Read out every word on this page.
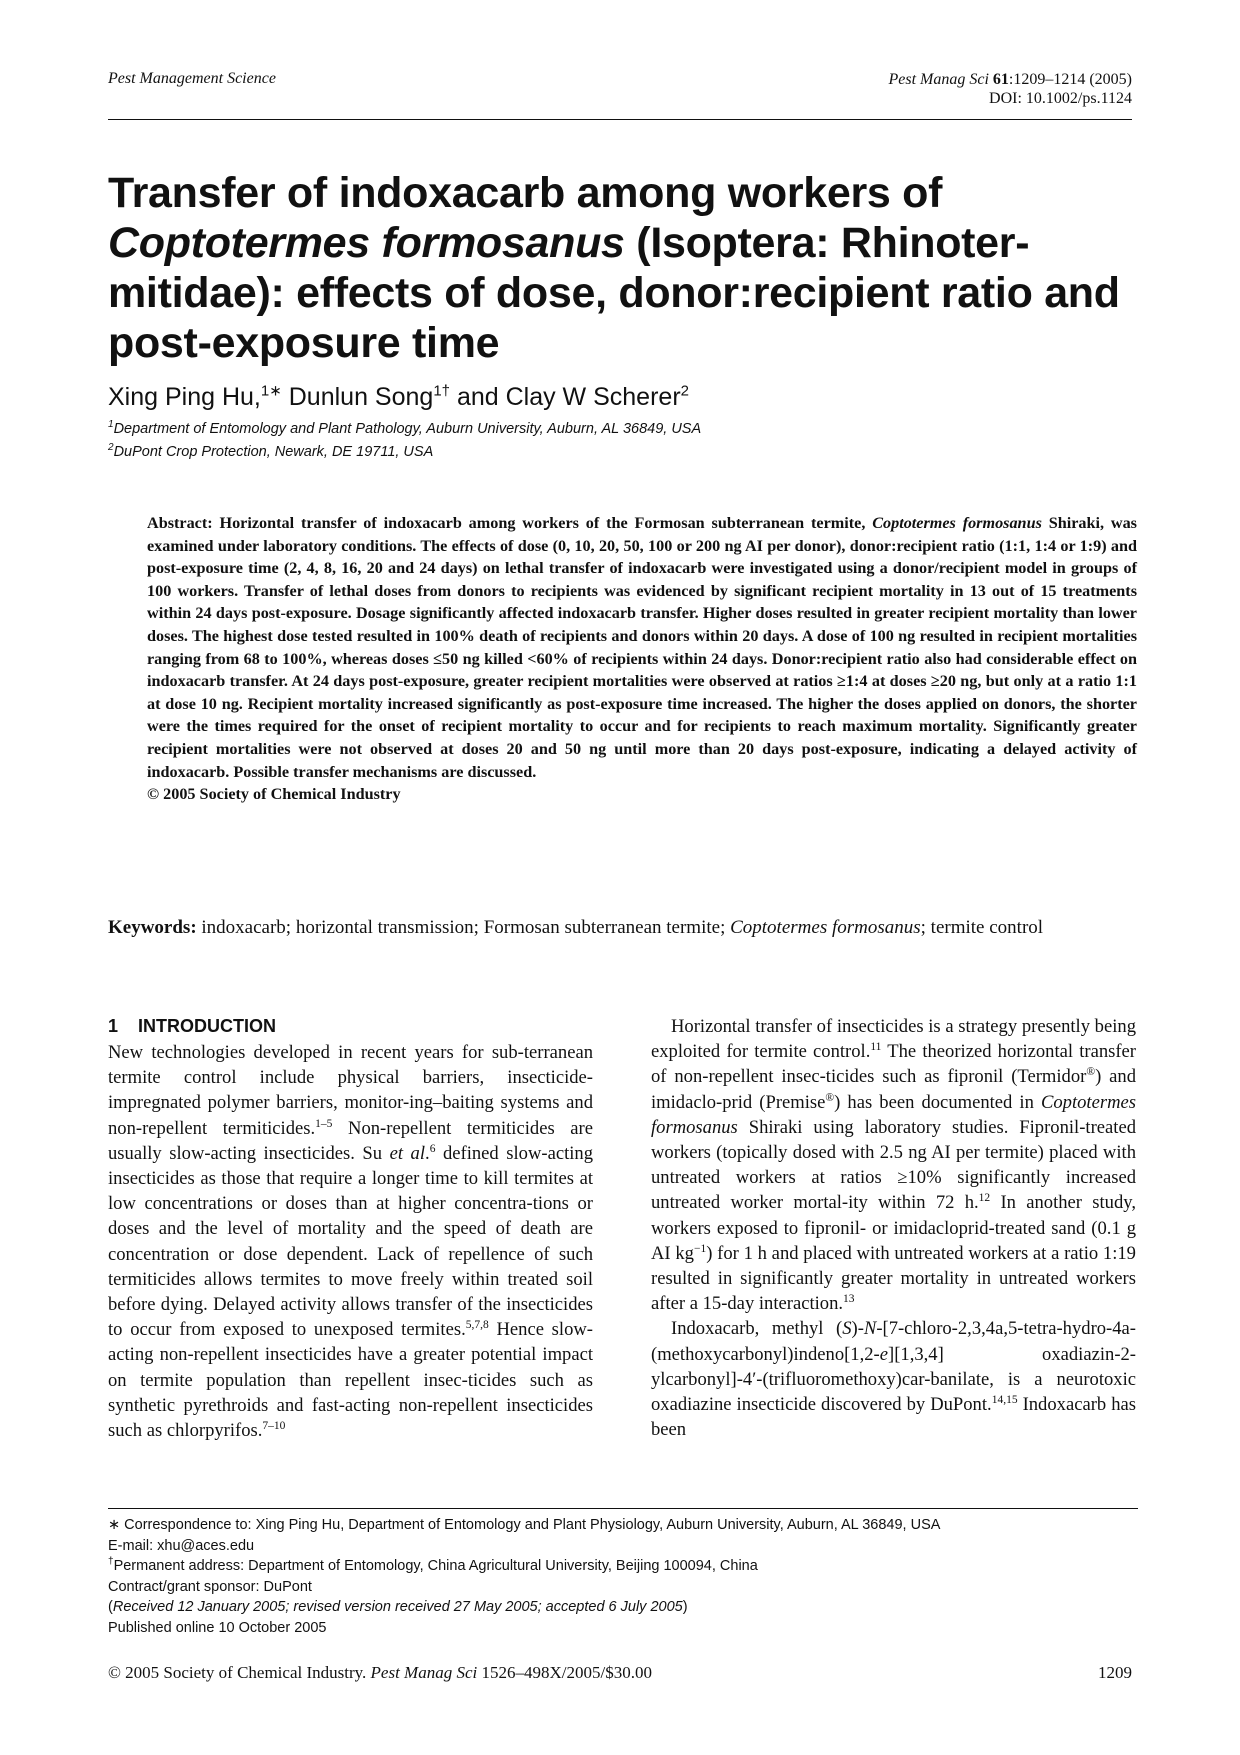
Pest Management Science	Pest Manag Sci 61:1209–1214 (2005)
DOI: 10.1002/ps.1124
Transfer of indoxacarb among workers of Coptotermes formosanus (Isoptera: Rhinoter-mitidae): effects of dose, donor:recipient ratio and post-exposure time
Xing Ping Hu,$^{1∗}$ Dunlun Song$^{1\dagger}$ and Clay W Scherer$^2$
$^1$Department of Entomology and Plant Pathology, Auburn University, Auburn, AL 36849, USA
$^2$DuPont Crop Protection, Newark, DE 19711, USA
Abstract: Horizontal transfer of indoxacarb among workers of the Formosan subterranean termite, Coptotermes formosanus Shiraki, was examined under laboratory conditions. The effects of dose (0, 10, 20, 50, 100 or 200 ng AI per donor), donor:recipient ratio (1:1, 1:4 or 1:9) and post-exposure time (2, 4, 8, 16, 20 and 24 days) on lethal transfer of indoxacarb were investigated using a donor/recipient model in groups of 100 workers. Transfer of lethal doses from donors to recipients was evidenced by significant recipient mortality in 13 out of 15 treatments within 24 days post-exposure. Dosage significantly affected indoxacarb transfer. Higher doses resulted in greater recipient mortality than lower doses. The highest dose tested resulted in 100% death of recipients and donors within 20 days. A dose of 100 ng resulted in recipient mortalities ranging from 68 to 100%, whereas doses ≤50 ng killed <60% of recipients within 24 days. Donor:recipient ratio also had considerable effect on indoxacarb transfer. At 24 days post-exposure, greater recipient mortalities were observed at ratios ≥1:4 at doses ≥20 ng, but only at a ratio 1:1 at dose 10 ng. Recipient mortality increased significantly as post-exposure time increased. The higher the doses applied on donors, the shorter were the times required for the onset of recipient mortality to occur and for recipients to reach maximum mortality. Significantly greater recipient mortalities were not observed at doses 20 and 50 ng until more than 20 days post-exposure, indicating a delayed activity of indoxacarb. Possible transfer mechanisms are discussed.
© 2005 Society of Chemical Industry
Keywords: indoxacarb; horizontal transmission; Formosan subterranean termite; Coptotermes formosanus; termite control
1 INTRODUCTION

New technologies developed in recent years for sub-terranean termite control include physical barriers, insecticide-impregnated polymer barriers, monitor-ing–baiting systems and non-repellent termiticides.$^{1-5}$ Non-repellent termiticides are usually slow-acting insecticides. Su et al.$^6$ defined slow-acting insecticides as those that require a longer time to kill termites at low concentrations or doses than at higher concentra-tions or doses and the level of mortality and the speed of death are concentration or dose dependent. Lack of repellence of such termiticides allows termites to move freely within treated soil before dying. Delayed activity allows transfer of the insecticides to occur from exposed to unexposed termites.$^{5,7,8}$ Hence slow-acting non-repellent insecticides have a greater potential impact on termite population than repellent insec-ticides such as synthetic pyrethroids and fast-acting non-repellent insecticides such as chlorpyrifos.$^{7-10}$

Horizontal transfer of insecticides is a strategy presently being exploited for termite control.$^{11}$ The theorized horizontal transfer of non-repellent insec-ticides such as fipronil (Termidor®) and imidaclo-prid (Premise®) has been documented in Coptotermes formosanus Shiraki using laboratory studies. Fipronil-treated workers (topically dosed with 2.5 ng AI per termite) placed with untreated workers at ratios ≥10% significantly increased untreated worker mortal-ity within 72 h.$^{12}$ In another study, workers exposed to fipronil- or imidacloprid-treated sand (0.1 g AI $kg^{-1}$) for 1 h and placed with untreated workers at a ratio 1:19 resulted in significantly greater mortality in untreated workers after a 15-day interaction.$^{13}$

Indoxacarb, methyl (S)-N-[7-chloro-2,3,4a,5-tetra-hydro-4a-(methoxycarbonyl)indeno[1,2-e][1,3,4] oxadiazin-2-ylcarbonyl]-4′-(trifluoromethoxy)car-banilate, is a neurotoxic oxadiazine insecticide discovered by DuPont.$^{14,15}$ Indoxacarb has been

∗ Correspondence to: Xing Ping Hu, Department of Entomology and Plant Physiology, Auburn University, Auburn, AL 36849, USA
E-mail: xhu@aces.edu
†Permanent address: Department of Entomology, China Agricultural University, Beijing 100094, China
Contract/grant sponsor: DuPont
(Received 12 January 2005; revised version received 27 May 2005; accepted 6 July 2005)
Published online 10 October 2005
© 2005 Society of Chemical Industry. Pest Manag Sci 1526–498X/2005/$30.00	1209
